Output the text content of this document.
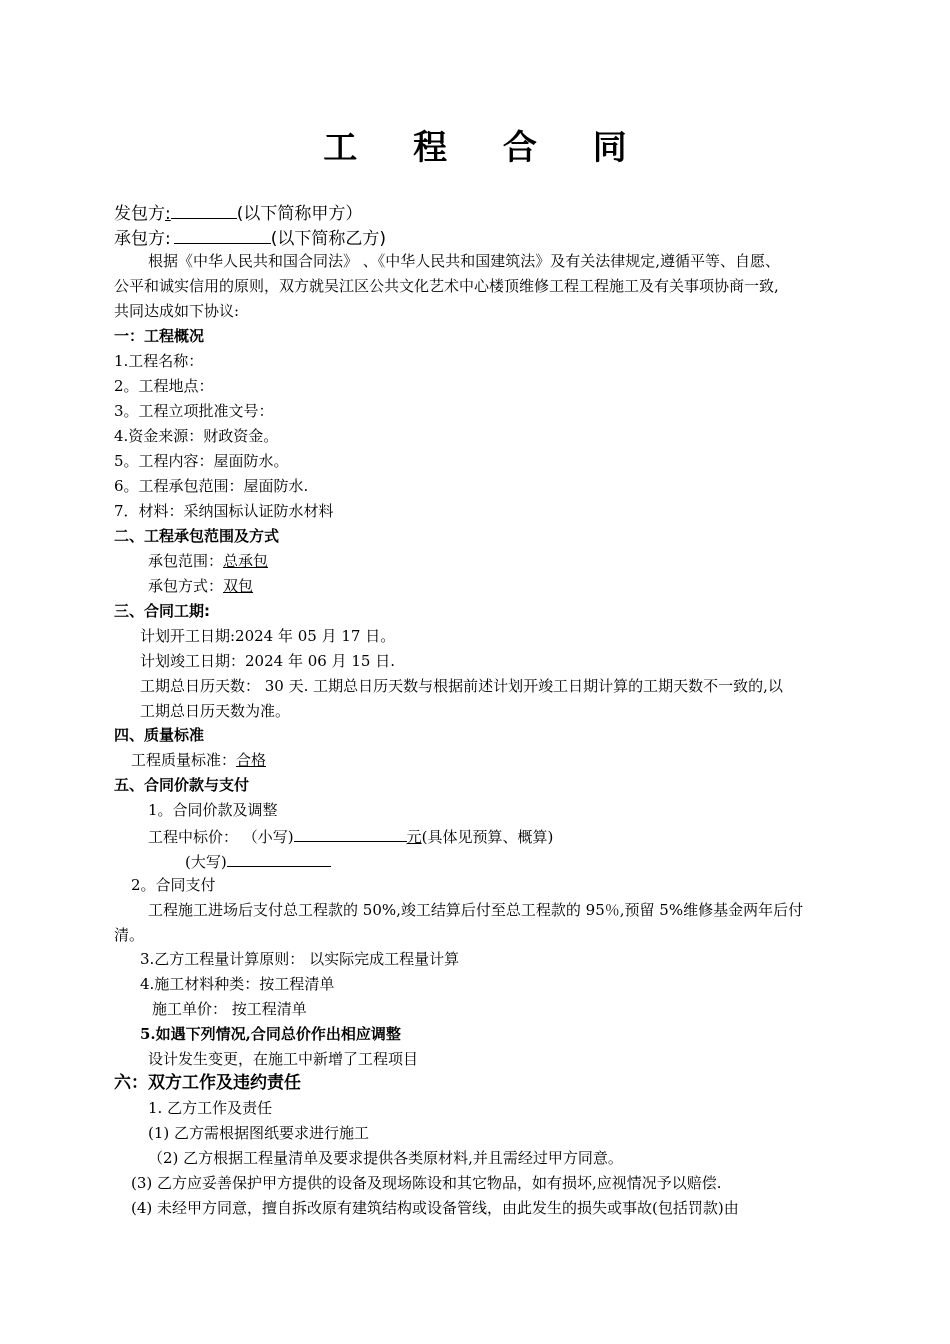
工 程 合 同
发包方:	(以下简称甲方）
承包方:	(以下简称乙方)
根据《中华人民共和国合同法》 、《中华人民共和国建筑法》及有关法律规定,遵循平等、自愿、
公平和诚实信用的原则，双方就吴江区公共文化艺术中心楼顶维修工程工程施工及有关事项协商一致,
共同达成如下协议:
一：工程概况
1.工程名称：
2。工程地点：
3。工程立项批准文号：
4.资金来源：财政资金。
5。工程内容：屋面防水。
6。工程承包范围：屋面防水.
7．材料：采纳国标认证防水材料
二、工程承包范围及方式
承包范围：总承包
承包方式：双包
三、合同工期:
计划开工日期:2024 年 05 月 17 日。
计划竣工日期：2024 年 06 月 15 日.
工期总日历天数： 30 天. 工期总日历天数与根据前述计划开竣工日期计算的工期天数不一致的,以
工期总日历天数为准。
四、质量标准
工程质量标准：合格
五、合同价款与支付
1。合同价款及调整
工程中标价： （小写)	元(具体见预算、概算)
(大写)
2。合同支付
工程施工进场后支付总工程款的 50%,竣工结算后付至总工程款的 95％,预留 5%维修基金两年后付
清。
3.乙方工程量计算原则： 以实际完成工程量计算
4.施工材料种类：按工程清单
施工单价： 按工程清单
5.如遇下列情况,合同总价作出相应调整
设计发生变更，在施工中新增了工程项目
六：双方工作及违约责任
1. 乙方工作及责任
(1) 乙方需根据图纸要求进行施工
（2) 乙方根据工程量清单及要求提供各类原材料,并且需经过甲方同意。
(3) 乙方应妥善保护甲方提供的设备及现场陈设和其它物品，如有损坏,应视情况予以赔偿.
(4) 未经甲方同意，擅自拆改原有建筑结构或设备管线，由此发生的损失或事故(包括罚款)由
